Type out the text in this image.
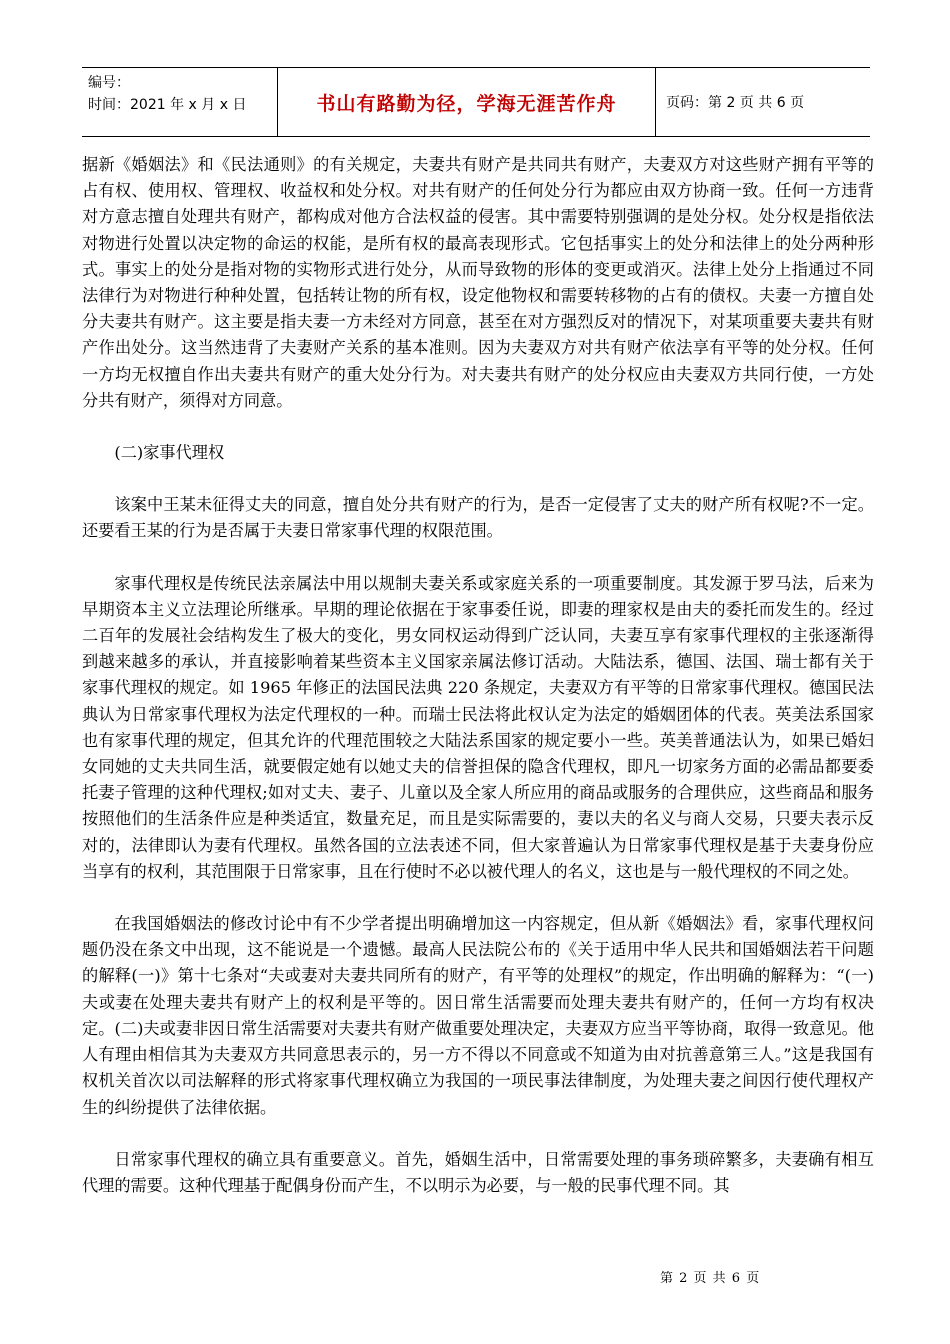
编号：
时间：2021 年 x 月 x 日	书山有路勤为径，学海无涯苦作舟	页码：第 2 页 共 6 页

据新《婚姻法》和《民法通则》的有关规定，夫妻共有财产是共同共有财产，夫妻双方对这些财产拥有平等的占有权、使用权、管理权、收益权和处分权。对共有财产的任何处分行为都应由双方协商一致。任何一方违背对方意志擅自处理共有财产，都构成对他方合法权益的侵害。其中需要特别强调的是处分权。处分权是指依法对物进行处置以决定物的命运的权能，是所有权的最高表现形式。它包括事实上的处分和法律上的处分两种形式。事实上的处分是指对物的实物形式进行处分，从而导致物的形体的变更或消灭。法律上处分上指通过不同法律行为对物进行种种处置，包括转让物的所有权，设定他物权和需要转移物的占有的债权。夫妻一方擅自处分夫妻共有财产。这主要是指夫妻一方未经对方同意，甚至在对方强烈反对的情况下，对某项重要夫妻共有财产作出处分。这当然违背了夫妻财产关系的基本准则。因为夫妻双方对共有财产依法享有平等的处分权。任何一方均无权擅自作出夫妻共有财产的重大处分行为。对夫妻共有财产的处分权应由夫妻双方共同行使，一方处分共有财产，须得对方同意。

(二)家事代理权

该案中王某未征得丈夫的同意，擅自处分共有财产的行为，是否一定侵害了丈夫的财产所有权呢?不一定。还要看王某的行为是否属于夫妻日常家事代理的权限范围。

家事代理权是传统民法亲属法中用以规制夫妻关系或家庭关系的一项重要制度。其发源于罗马法，后来为早期资本主义立法理论所继承。早期的理论依据在于家事委任说，即妻的理家权是由夫的委托而发生的。经过二百年的发展社会结构发生了极大的变化，男女同权运动得到广泛认同，夫妻互享有家事代理权的主张逐渐得到越来越多的承认，并直接影响着某些资本主义国家亲属法修订活动。大陆法系，德国、法国、瑞士都有关于家事代理权的规定。如 1965 年修正的法国民法典 220 条规定，夫妻双方有平等的日常家事代理权。德国民法典认为日常家事代理权为法定代理权的一种。而瑞士民法将此权认定为法定的婚姻团体的代表。英美法系国家也有家事代理的规定，但其允许的代理范围较之大陆法系国家的规定要小一些。英美普通法认为，如果已婚妇女同她的丈夫共同生活，就要假定她有以她丈夫的信誉担保的隐含代理权，即凡一切家务方面的必需品都要委托妻子管理的这种代理权;如对丈夫、妻子、儿童以及全家人所应用的商品或服务的合理供应，这些商品和服务按照他们的生活条件应是种类适宜，数量充足，而且是实际需要的，妻以夫的名义与商人交易，只要夫表示反对的，法律即认为妻有代理权。虽然各国的立法表述不同，但大家普遍认为日常家事代理权是基于夫妻身份应当享有的权利，其范围限于日常家事，且在行使时不必以被代理人的名义，这也是与一般代理权的不同之处。

在我国婚姻法的修改讨论中有不少学者提出明确增加这一内容规定，但从新《婚姻法》看，家事代理权问题仍没在条文中出现，这不能说是一个遗憾。最高人民法院公布的《关于适用中华人民共和国婚姻法若干问题的解释(一)》第十七条对“夫或妻对夫妻共同所有的财产，有平等的处理权”的规定，作出明确的解释为：“(一)夫或妻在处理夫妻共有财产上的权利是平等的。因日常生活需要而处理夫妻共有财产的，任何一方均有权决定。(二)夫或妻非因日常生活需要对夫妻共有财产做重要处理决定，夫妻双方应当平等协商，取得一致意见。他人有理由相信其为夫妻双方共同意思表示的，另一方不得以不同意或不知道为由对抗善意第三人。”这是我国有权机关首次以司法解释的形式将家事代理权确立为我国的一项民事法律制度，为处理夫妻之间因行使代理权产生的纠纷提供了法律依据。

日常家事代理权的确立具有重要意义。首先，婚姻生活中，日常需要处理的事务琐碎繁多，夫妻确有相互代理的需要。这种代理基于配偶身份而产生，不以明示为必要，与一般的民事代理不同。其

第 2 页 共 6 页
